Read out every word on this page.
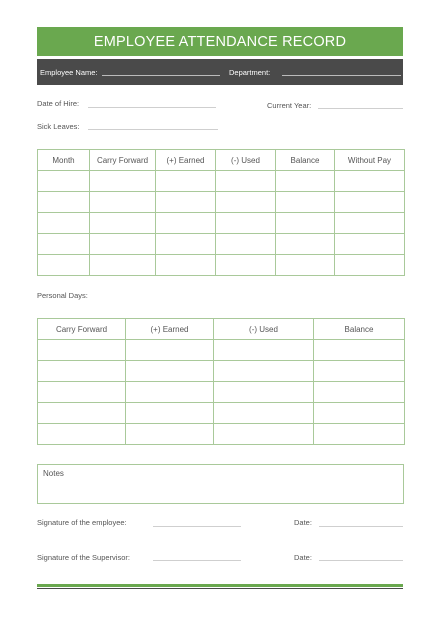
EMPLOYEE ATTENDANCE RECORD
Employee Name:	Department:
Date of Hire:	Current Year:
Sick Leaves:
Month	Carry Forward	(+) Earned	(-) Used	Balance	Without Pay

Personal Days:
Carry Forward	(+) Earned	(-) Used	Balance

Notes
Signature of the employee:	Date:
Signature of the Supervisor:	Date:
